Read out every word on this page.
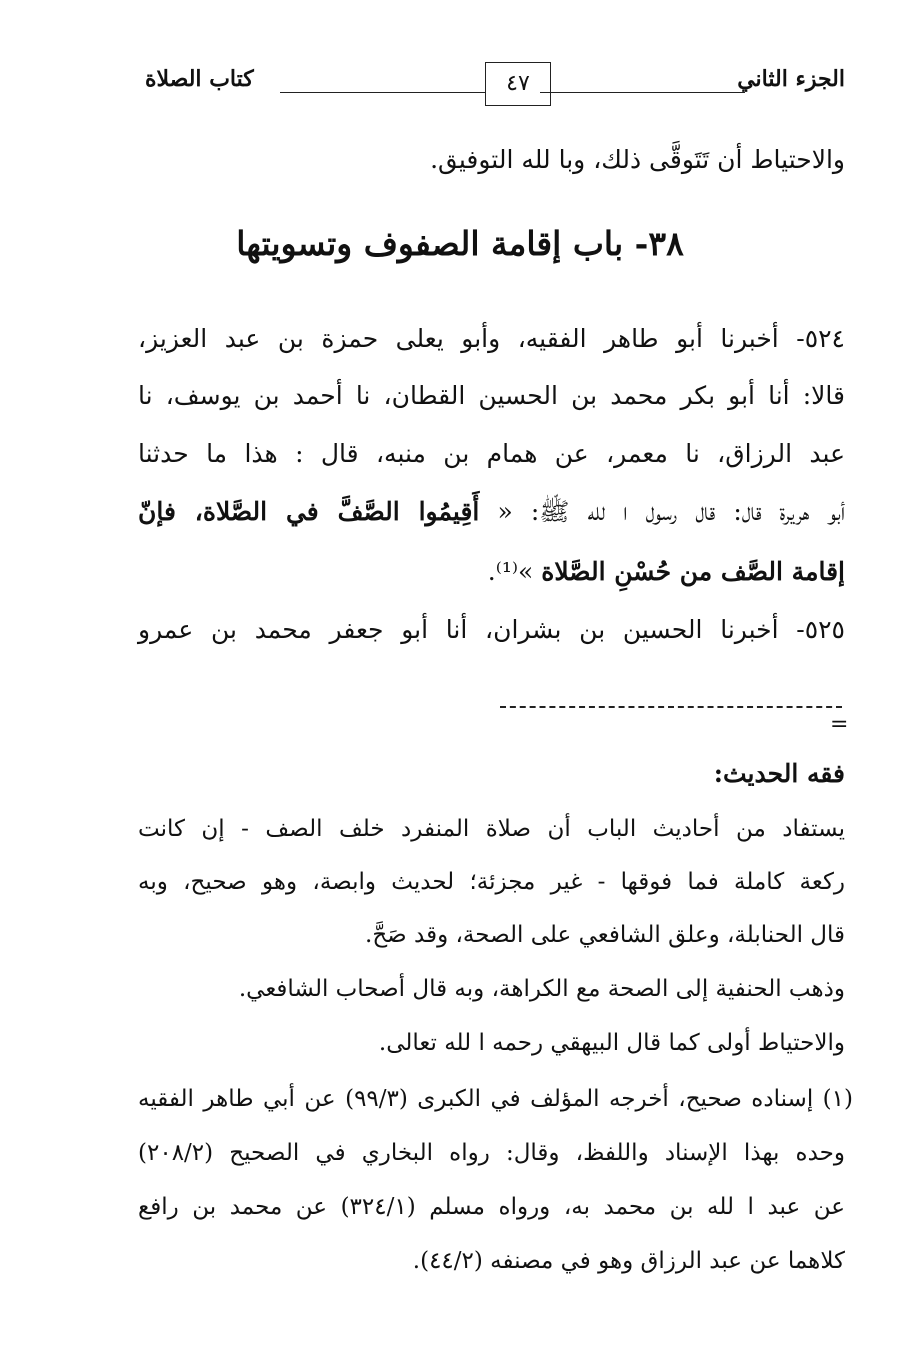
الجزء الثاني
٤٧
كتاب الصلاة
والاحتياط أن تَتَوقَّى ذلك، وبا لله التوفيق.
٣٨- باب إقامة الصفوف وتسويتها
٥٢٤- أخبرنا أبو طاهر الفقيه، وأبو يعلى حمزة بن عبد العزيز،
قالا: أنا أبو بكر محمد بن الحسين القطان، نا أحمد بن يوسف، نا
عبد الرزاق، نا معمر، عن همام بن منبه، قال : هذا ما حدثنا
أبو هريرة قال: قال رسول ا لله ﷺ: « أَقِيمُوا الصَّفَّ في الصَّلاة، فإنّ
إقامة الصَّف من حُسْنِ الصَّلاة »⁽¹⁾.
٥٢٥- أخبرنا الحسين بن بشران، أنا أبو جعفر محمد بن عمرو
=
فقه الحديث:
يستفاد من أحاديث الباب أن صلاة المنفرد خلف الصف - إن كانت
ركعة كاملة فما فوقها - غير مجزئة؛ لحديث وابصة، وهو صحيح، وبه
قال الحنابلة، وعلق الشافعي على الصحة، وقد صَحَّ.
وذهب الحنفية إلى الصحة مع الكراهة، وبه قال أصحاب الشافعي.
والاحتياط أولى كما قال البيهقي رحمه ا لله تعالى.
(١) إسناده صحيح، أخرجه المؤلف في الكبرى (٩٩/٣) عن أبي طاهر الفقيه
وحده بهذا الإسناد واللفظ، وقال: رواه البخاري في الصحيح (٢٠٨/٢)
عن عبد ا لله بن محمد به، ورواه مسلم (٣٢٤/١) عن محمد بن رافع
كلاهما عن عبد الرزاق وهو في مصنفه (٤٤/٢).
